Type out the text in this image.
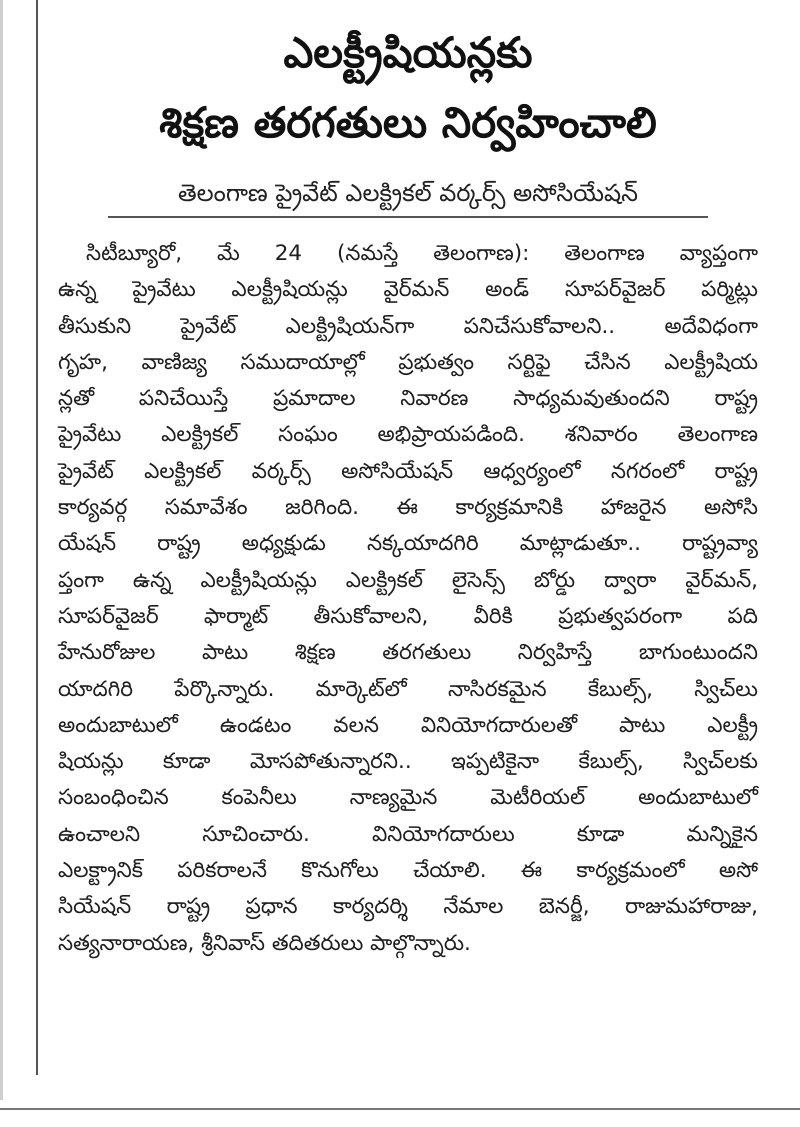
ఎలక్ట్రీషియన్లకు
శిక్షణ తరగతులు నిర్వహించాలి
తెలంగాణ ప్రైవేట్ ఎలక్ట్రికల్ వర్కర్స్ అసోసియేషన్
సిటీబ్యూరో, మే 24 (నమస్తే తెలంగాణ): తెలంగాణ వ్యాప్తంగా
ఉన్న ప్రైవేటు ఎలక్ట్రీషియన్లు వైర్‌మన్ అండ్ సూపర్‌వైజర్ పర్మిట్లు
తీసుకుని ప్రైవేట్ ఎలక్ట్రిషియన్‌గా పనిచేసుకోవాలని.. అదేవిధంగా
గృహ, వాణిజ్య సముదాయాల్లో ప్రభుత్వం సర్టిఫై చేసిన ఎలక్ట్రీషియ
న్లతో పనిచేయిస్తే ప్రమాదాల నివారణ సాధ్యమవుతుందని రాష్ట్ర
ప్రైవేటు ఎలక్ట్రికల్ సంఘం అభిప్రాయపడింది. శనివారం తెలంగాణ
ప్రైవేట్ ఎలక్ట్రికల్ వర్కర్స్ అసోసియేషన్ ఆధ్వర్యంలో నగరంలో రాష్ట్ర
కార్యవర్గ సమావేశం జరిగింది. ఈ కార్యక్రమానికి హాజరైన అసోసి
యేషన్ రాష్ట్ర అధ్యక్షుడు నక్కయాదగిరి మాట్లాడుతూ.. రాష్ట్రవ్యా
ప్తంగా ఉన్న ఎలక్ట్రీషియన్లు ఎలక్ట్రికల్ లైసెన్స్ బోర్డు ద్వారా వైర్‌మన్,
సూపర్‌వైజర్ ఫార్మాట్ తీసుకోవాలని, వీరికి ప్రభుత్వపరంగా పది
హేనురోజుల పాటు శిక్షణ తరగతులు నిర్వహిస్తే బాగుంటుందని
యాదగిరి పేర్కొన్నారు. మార్కెట్‌లో నాసిరకమైన కేబుల్స్, స్విచ్‌లు
అందుబాటులో ఉండటం వలన వినియోగదారులతో పాటు ఎలక్ట్రీ
షియన్లు కూడా మోసపోతున్నారని.. ఇప్పటికైనా కేబుల్స్, స్విచ్‌లకు
సంబంధించిన కంపెనీలు నాణ్యమైన మెటీరియల్ అందుబాటులో
ఉంచాలని సూచించారు. వినియోగదారులు కూడా మన్నికైన
ఎలక్ట్రానిక్ పరికరాలనే కొనుగోలు చేయాలి. ఈ కార్యక్రమంలో అసో
సియేషన్ రాష్ట్ర ప్రధాన కార్యదర్శి నేమాల బెనర్జీ, రాజుమహారాజు,
సత్యనారాయణ, శ్రీనివాస్ తదితరులు పాల్గొన్నారు.
